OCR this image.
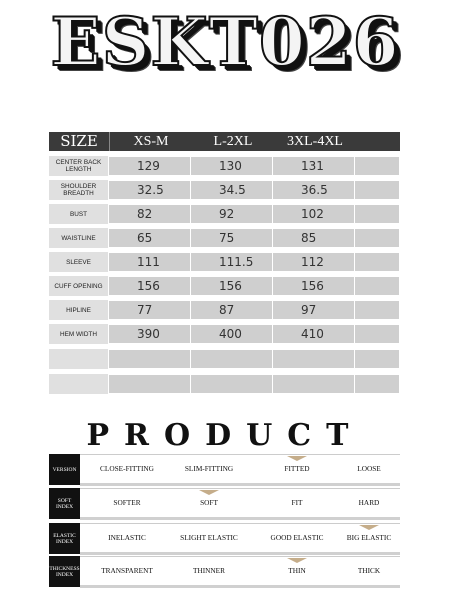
ESKT026
SIZE	XS-M	L-2XL	3XL-4XL
CENTER BACK LENGTH	129	130	131
SHOULDER BREADTH	32.5	34.5	36.5
BUST	82	92	102
WAISTLINE	65	75	85
SLEEVE	111	111.5	112
CUFF OPENING	156	156	156
HIPLINE	77	87	97
HEM WIDTH	390	400	410
PRODUCT
VERSION	CLOSE-FITTING	SLIM-FITTING	FITTED	LOOSE
SOFT INDEX	SOFTER	SOFT	FIT	HARD
ELASTIC INDEX	INELASTIC	SLIGHT ELASTIC	GOOD ELASTIC	BIG ELASTIC
THICKNESS INDEX	TRANSPARENT	THINNER	THIN	THICK
